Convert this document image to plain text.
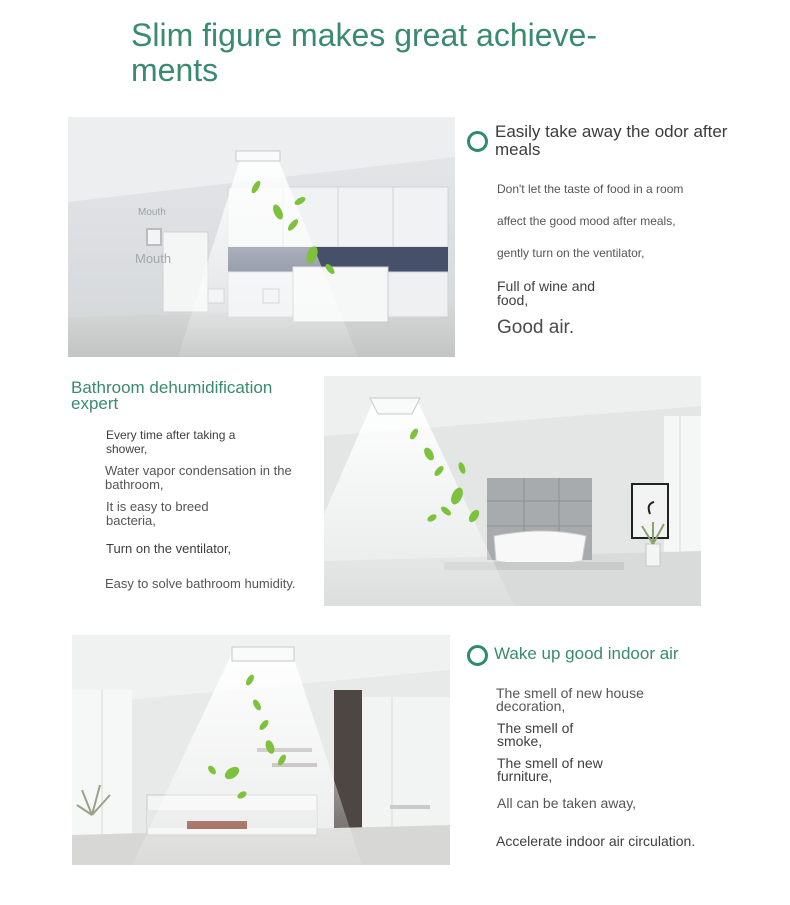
Slim figure makes great achieve-ments
Mouth
Mouth
Easily take away the odor after meals
Don't let the taste of food in a room
affect the good mood after meals,
gently turn on the ventilator,
Full of wine and food,
Good air.
Bathroom dehumidification expert
Every time after taking a shower,
Water vapor condensation in the bathroom,
It is easy to breed bacteria,
Turn on the ventilator,
Easy to solve bathroom humidity.
Wake up good indoor air
The smell of new house decoration,
The smell of smoke,
The smell of new furniture,
All can be taken away,
Accelerate indoor air circulation.
